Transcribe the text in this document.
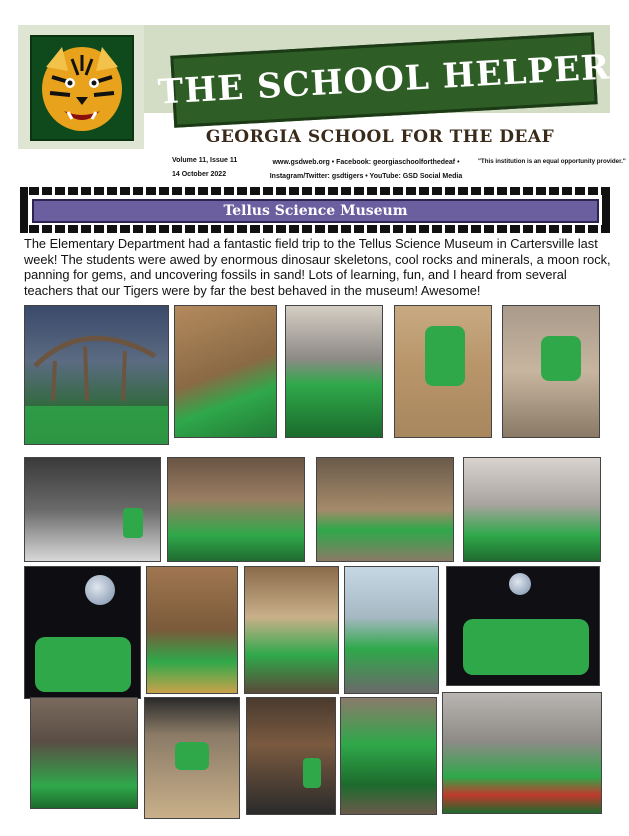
THE SCHOOL HELPER
GEORGIA SCHOOL FOR THE DEAF
Volume 11, Issue 11
14 October 2022
www.gsdweb.org • Facebook: georgiaschoolforthedeaf •
Instagram/Twitter: gsdtigers • YouTube: GSD Social Media
"This institution is an equal opportunity provider."
Tellus Science Museum
The Elementary Department had a fantastic field trip to the Tellus Science Museum in Cartersville last week! The students were awed by enormous dinosaur skeletons, cool rocks and minerals, a moon rock, panning for gems, and uncovering fossils in sand! Lots of learning, fun, and I heard from several teachers that our Tigers were by far the best behaved in the museum! Awesome!
